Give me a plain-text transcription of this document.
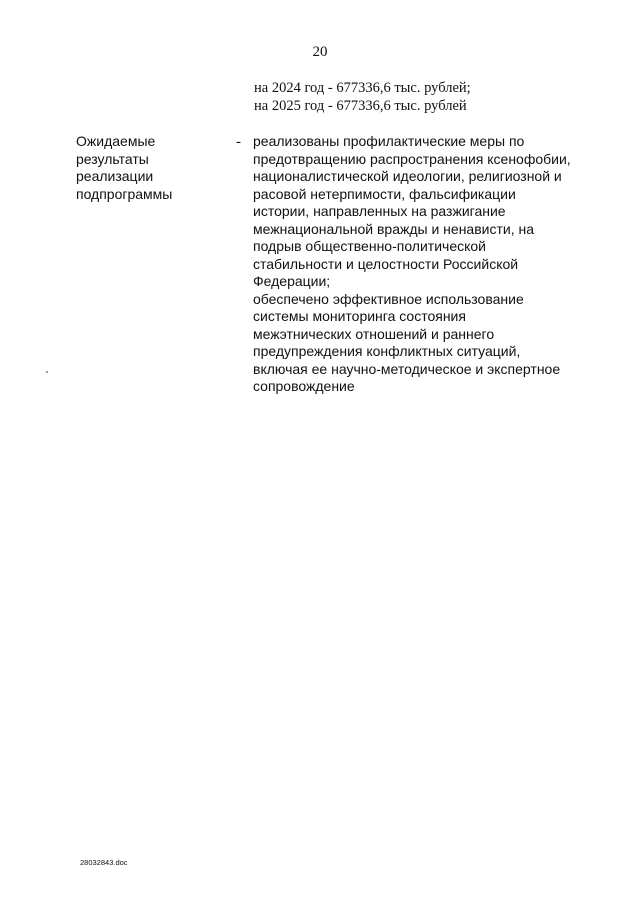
20
на 2024 год - 677336,6 тыс. рублей;
на 2025 год - 677336,6 тыс. рублей
Ожидаемые
результаты
реализации
подпрограммы
- реализованы профилактические меры по
предотвращению распространения ксенофобии,
националистической идеологии, религиозной и
расовой нетерпимости, фальсификации
истории, направленных на разжигание
межнациональной вражды и ненависти, на
подрыв общественно-политической
стабильности и целостности Российской
Федерации;
обеспечено эффективное использование
системы мониторинга состояния
межэтнических отношений и раннего
предупреждения конфликтных ситуаций,
включая ее научно-методическое и экспертное
сопровождение
28032843.doc
